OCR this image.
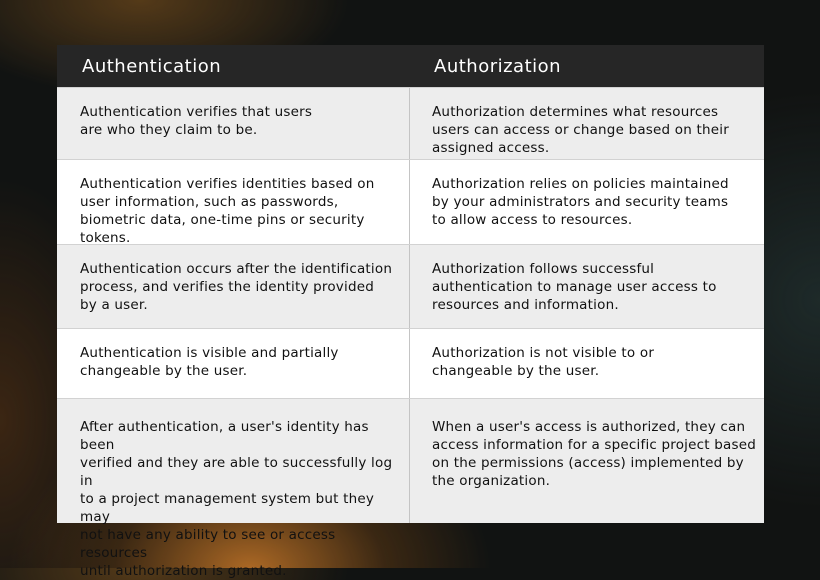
Authentication	Authorization
Authentication verifies that users
are who they claim to be.
Authorization determines what resources
users can access or change based on their
assigned access.
Authentication verifies identities based on
user information, such as passwords,
biometric data, one-time pins or security tokens.
Authorization relies on policies maintained
by your administrators and security teams
to allow access to resources.
Authentication occurs after the identification
process, and verifies the identity provided
by a user.
Authorization follows successful
authentication to manage user access to
resources and information.
Authentication is visible and partially
changeable by the user.
Authorization is not visible to or
changeable by the user.
After authentication, a user's identity has been
verified and they are able to successfully log in
to a project management system but they may
not have any ability to see or access resources
until authorization is granted.
When a user's access is authorized, they can
access information for a specific project based
on the permissions (access) implemented by
the organization.
